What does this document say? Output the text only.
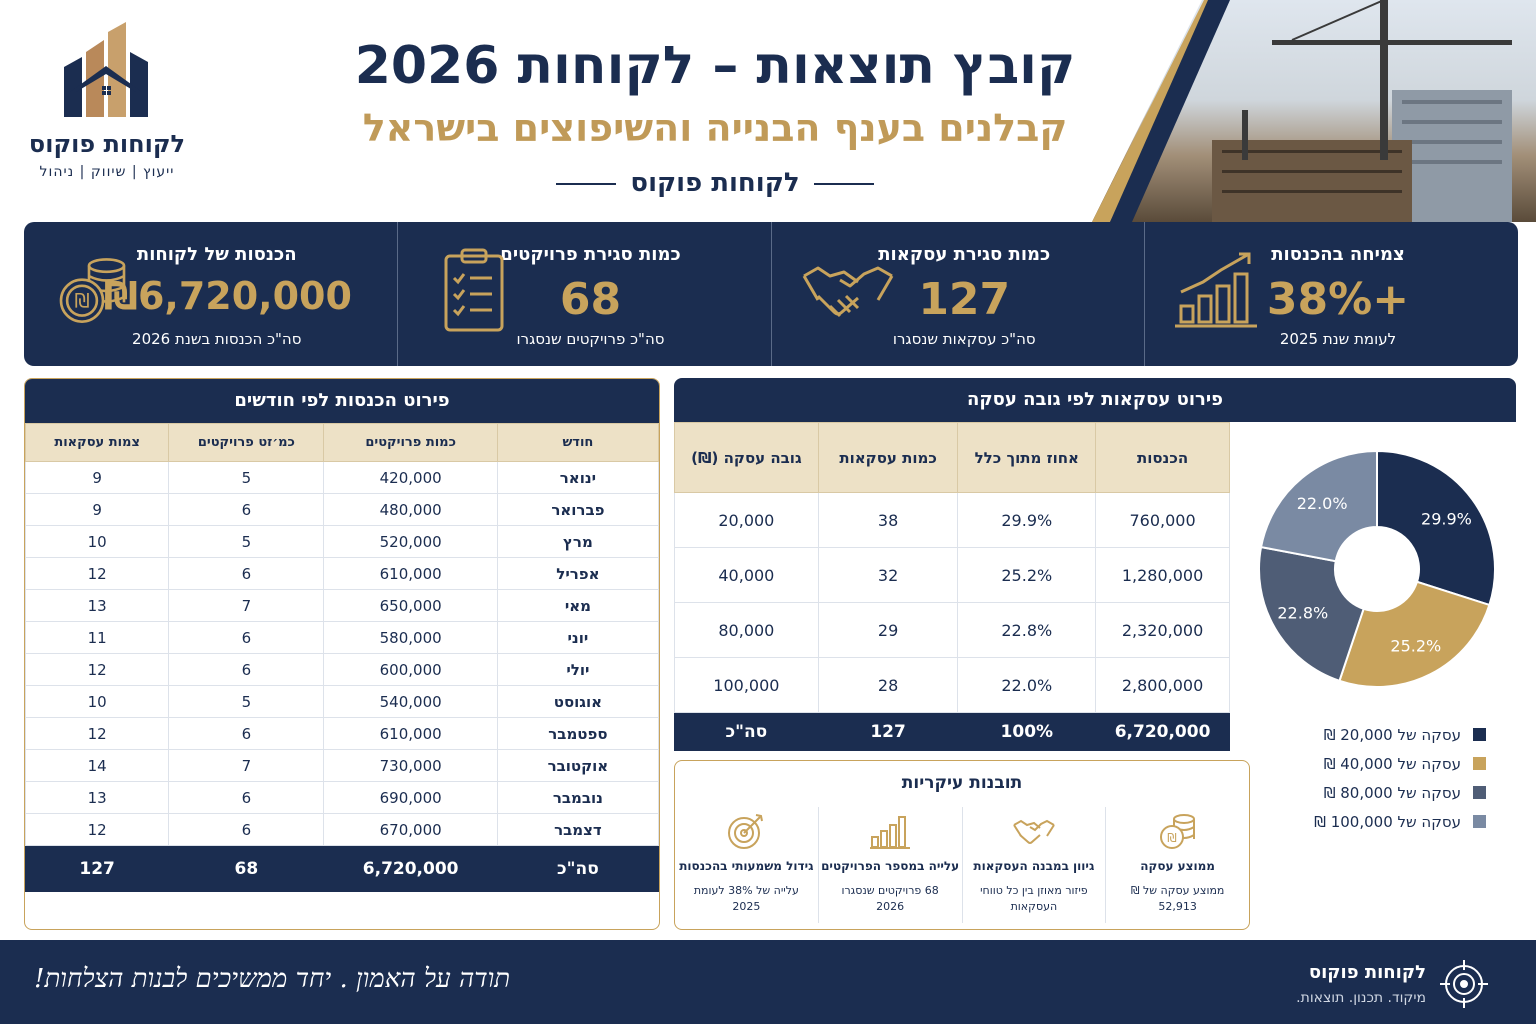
לקוחות פוקוס
ייעוץ | שיווק | ניהול
קובץ תוצאות – לקוחות 2026
קבלנים בענף הבנייה והשיפוצים בישראל
לקוחות פוקוס
צמיחה בהכנסות
+38%
לעומת שנת 2025
כמות סגירת עסקאות
127
סה"כ עסקאות שנסגרו
כמות סגירת פרויקטים
68
סה"כ פרויקטים שנסגרו
הכנסות של לקוחות
₪6,720,000
סה"כ הכנסות בשנת 2026
₪
פירוט הכנסות לפי חודשים
חודש	כמות פרויקטים	כמ׳זט פרויקטים	צמות עסקאות
ינואר	420,000	5	9
פברואר	480,000	6	9
מרץ	520,000	5	10
אפריל	610,000	6	12
מאי	650,000	7	13
יוני	580,000	6	11
יולי	600,000	6	12
אוגוסט	540,000	5	10
ספטמבר	610,000	6	12
אוקטובר	730,000	7	14
נובמבר	690,000	6	13
דצמבר	670,000	6	12
סה"כ	6,720,000	68	127
פירוט עסקאות לפי גובה עסקה
הכנסות	אחוז מתוך כלל	כמות עסקאות	גובה עסקה (₪)
760,000	29.9%	38	20,000
1,280,000	25.2%	32	40,000
2,320,000	22.8%	29	80,000
2,800,000	22.0%	28	100,000
6,720,000	100%	127	סה"כ
29.9%
25.2%
22.8%
22.0%
עסקה של 20,000 ₪
עסקה של 40,000 ₪
עסקה של 80,000 ₪
עסקה של 100,000 ₪
תובנות עיקריות
₪
ממוצע עסקה
ממוצע עסקה של ₪ 52,913
גיוון במבנה העסקאות
פיזור מאוזן בין כל טווחי העסקאות
עלייה במספר הפרויקטים
68 פרויקטים שנסגרו 2026
גידול משמעותי בהכנסות
עלייה של 38% לעומת 2025
לקוחות פוקוס
מיקוד. תכנון. תוצאות.
תודה על האמון . יחד ממשיכים לבנות הצלחות!
